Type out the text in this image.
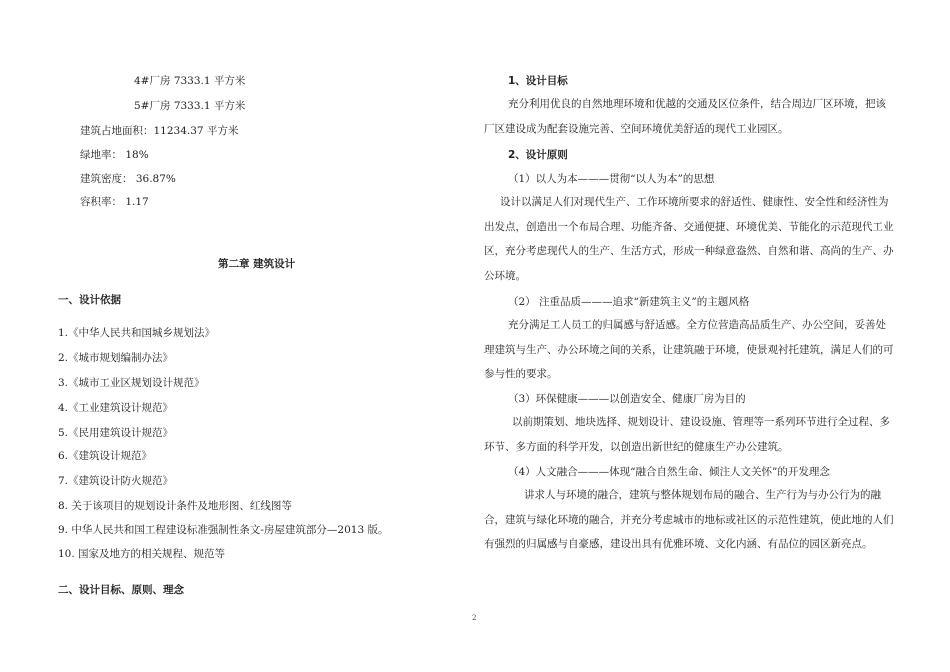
4#厂房 7333.1 平方米
5#厂房 7333.1 平方米
建筑占地面积：11234.37 平方米
绿地率： 18%
建筑密度： 36.87%
容积率： 1.17
第二章 建筑设计
一、设计依据
1.《中华人民共和国城乡规划法》
2.《城市规划编制办法》
3.《城市工业区规划设计规范》
4.《工业建筑设计规范》
5.《民用建筑设计规范》
6.《建筑设计规范》
7.《建筑设计防火规范》
8. 关于该项目的规划设计条件及地形图、红线图等
9. 中华人民共和国工程建设标准强制性条文-房屋建筑部分—2013 版。
10. 国家及地方的相关规程、规范等
二、设计目标、原则、理念
1、设计目标
充分利用优良的自然地理环境和优越的交通及区位条件，结合周边厂区环境，把该厂区建设成为配套设施完善、空间环境优美舒适的现代工业园区。
2、设计原则
（1）以人为本———贯彻“以人为本”的思想
设计以满足人们对现代生产、工作环境所要求的舒适性、健康性、安全性和经济性为出发点，创造出一个布局合理、功能齐备、交通便捷、环境优美、节能化的示范现代工业区，充分考虑现代人的生产、生活方式，形成一种绿意盎然、自然和谐、高尚的生产、办公环境。
（2） 注重品质———追求“新建筑主义”的主题风格
充分满足工人员工的归属感与舒适感。全方位营造高品质生产、办公空间，妥善处理建筑与生产、办公环境之间的关系，让建筑融于环境，使景观衬托建筑，满足人们的可参与性的要求。
（3）环保健康———以创造安全、健康厂房为目的
以前期策划、地块选择、规划设计、建设设施、管理等一系列环节进行全过程、多环节、多方面的科学开发，以创造出新世纪的健康生产办公建筑。
（4）人文融合———体现“融合自然生命、倾注人文关怀”的开发理念
讲求人与环境的融合，建筑与整体规划布局的融合、生产行为与办公行为的融合，建筑与绿化环境的融合，并充分考虑城市的地标或社区的示范性建筑，使此地的人们有强烈的归属感与自豪感，建设出具有优雅环境、文化内涵、有品位的园区新亮点。
2
